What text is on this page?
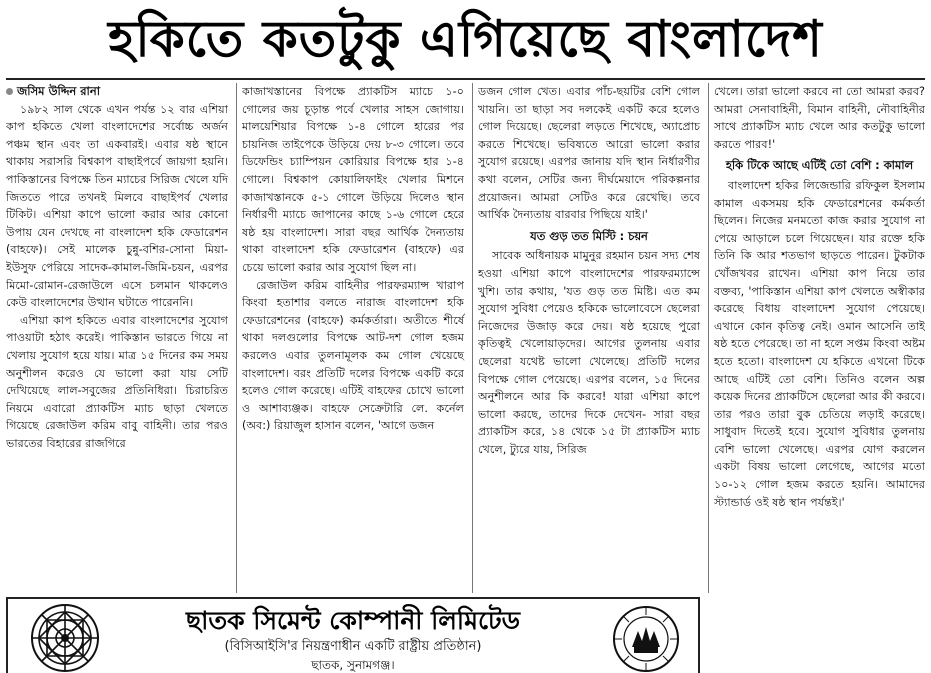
হকিতে কতটুকু এগিয়েছে বাংলাদেশ

জসিম উদ্দিন রানা

১৯৮২ সাল থেকে এখন পর্যন্ত ১২ বার এশিয়া কাপ হকিতে খেলা বাংলাদেশের সর্বোচ্চ অর্জন পঞ্চম স্থান এবং তা একবারই। এবার ষষ্ঠ স্থানে থাকায় সরাসরি বিশ্বকাপ বাছাইপর্বে জায়গা হয়নি। পাকিস্তানের বিপক্ষে তিন ম্যাচের সিরিজ খেলে যদি জিততে পারে তখনই মিলবে বাছাইপর্ব খেলার টিকিট। এশিয়া কাপে ভালো করার আর কোনো উপায় যেন দেখছে না বাংলাদেশ হকি ফেডারেশন (বাহফে)। সেই মালেক চুন্নু-বশির-সোনা মিয়া-ইউসুফ পেরিয়ে সাদেক-কামাল-জিমি-চয়ন, এরপর মিমো-রোমান-রেজাউলে এসে চলমান থাকলেও কেউ বাংলাদেশের উত্থান ঘটাতে পারেননি।

এশিয়া কাপ হকিতে এবার বাংলাদেশের সুযোগ পাওয়াটা হঠাৎ করেই। পাকিস্তান ভারতে গিয়ে না খেলায় সুযোগ হয়ে যায়। মাত্র ১৫ দিনের কম সময় অনুশীলন করেও যে ভালো করা যায় সেটি দেখিয়েছে লাল-সবুজের প্রতিনিধিরা। চিরাচরিত নিয়মে এবারো প্র্যাকটিস ম্যাচ ছাড়া খেলতে গিয়েছে রেজাউল করিম বাবু বাহিনী। তার পরও ভারতের বিহারের রাজগিরে

কাজাখস্তানের বিপক্ষে প্র্যাকটিস ম্যাচে ১-০ গোলের জয় চূড়ান্ত পর্বে খেলার সাহস জোগায়। মালয়েশিয়ার বিপক্ষে ১-৪ গোলে হারের পর চায়নিজ তাইপেকে উড়িয়ে দেয় ৮-৩ গোলে। তবে ডিফেন্ডিং চ্যাম্পিয়ন কোরিয়ার বিপক্ষে হার ১-৪ গোলে। বিশ্বকাপ কোয়ালিফাইং খেলার মিশনে কাজাখস্তানকে ৫-১ গোলে উড়িয়ে দিলেও স্থান নির্ধারণী ম্যাচে জাপানের কাছে ১-৬ গোলে হেরে ষষ্ঠ হয় বাংলাদেশ। সারা বছর আর্থিক দৈন্যতায় থাকা বাংলাদেশ হকি ফেডারেশন (বাহফে) এর চেয়ে ভালো করার আর সুযোগ ছিল না।

রেজাউল করিম বাহিনীর পারফরম্যান্স খারাপ কিংবা হতাশার বলতে নারাজ বাংলাদেশ হকি ফেডারেশনের (বাহফে) কর্মকর্তারা। অতীতে শীর্ষে থাকা দলগুলোর বিপক্ষে আট-দশ গোল হজম করলেও এবার তুলনামূলক কম গোল খেয়েছে বাংলাদেশ। বরং প্রতিটি দলের বিপক্ষে একটি করে হলেও গোল করেছে। এটিই বাহফের চোখে ভালো ও আশাব্যঞ্জক। বাহফে সেক্রেটারি লে. কর্নেল (অব:) রিয়াজুল হাসান বলেন, 'আগে ডজন

ডজন গোল খেত। এবার পাঁচ-ছয়টির বেশি গোল খায়নি। তা ছাড়া সব দলকেই একটি করে হলেও গোল দিয়েছে। ছেলেরা লড়তে শিখেছে, অ্যাপ্রোচ করতে শিখেছে। ভবিষ্যতে আরো ভালো করার সুযোগ রয়েছে। এরপর জানায় যদি স্থান নির্ধারণীর কথা বলেন, সেটির জন্য দীর্ঘমেয়াদে পরিকল্পনার প্রয়োজন। আমরা সেটিও করে রেখেছি। তবে আর্থিক দৈন্যতায় বারবার পিছিয়ে যাই।'

যত গুড় তত মিস্টি : চয়ন

সাবেক অধিনায়ক মামুনুর রহমান চয়ন সদ্য শেষ হওয়া এশিয়া কাপে বাংলাদেশের পারফরম্যান্সে খুশি। তার কথায়, 'যত গুড় তত মিষ্টি। এত কম সুযোগ সুবিধা পেয়েও হকিকে ভালোবেসে ছেলেরা নিজেদের উজাড় করে দেয়। ষষ্ঠ হয়েছে পুরো কৃতিত্বই খেলোয়াড়দের। আগের তুলনায় এবার ছেলেরা যথেষ্ট ভালো খেলেছে। প্রতিটি দলের বিপক্ষে গোল পেয়েছে। এরপর বলেন, ১৫ দিনের অনুশীলনে আর কি করবে! যারা এশিয়া কাপে ভালো করছে, তাদের দিকে দেখেন- সারা বছর প্র্যাকটিস করে, ১৪ থেকে ১৫ টা প্র্যাকটিস ম্যাচ খেলে, ট্যুরে যায়, সিরিজ

খেলে। তারা ভালো করবে না তো আমরা করব? আমরা সেনাবাহিনী, বিমান বাহিনী, নৌবাহিনীর সাথে প্র্যাকটিস ম্যাচ খেলে আর কতটুকু ভালো করতে পারব!'

হকি টিকে আছে এটিই তো বেশি : কামাল

বাংলাদেশ হকির লিজেন্ডারি রফিকুল ইসলাম কামাল একসময় হকি ফেডারেশনের কর্মকর্তা ছিলেন। নিজের মনমতো কাজ করার সুযোগ না পেয়ে আড়ালে চলে গিয়েছেন। যার রক্তে হকি তিনি কি আর শতভাগ ছাড়তে পারেন। টুকটাক খোঁজখবর রাখেন। এশিয়া কাপ নিয়ে তার বক্তব্য, 'পাকিস্তান এশিয়া কাপ খেলতে অস্বীকার করেছে বিধায় বাংলাদেশ সুযোগ পেয়েছে। এখানে কোন কৃতিত্ব নেই। ওমান আসেনি তাই ষষ্ঠ হতে পেরেছে। তা না হলে সপ্তম কিংবা অষ্টম হতে হতো। বাংলাদেশ যে হকিতে এখনো টিকে আছে এটিই তো বেশি। তিনিও বলেন অল্প কয়েক দিনের প্র্যাকটিসে ছেলেরা আর কী করবে। তার পরও তারা বুক চেতিয়ে লড়াই করেছে। সাধুবাদ দিতেই হবে। সুযোগ সুবিধার তুলনায় বেশি ভালো খেলেছে। এরপর যোগ করলেন একটা বিষয় ভালো লেগেছে, আগের মতো ১০-১২ গোল হজম করতে হয়নি। আমাদের স্ট্যান্ডার্ড ওই ষষ্ঠ স্থান পর্যন্তই।'

ছাতক সিমেন্ট কোম্পানী লিমিটেড
(বিসিআইসি'র নিয়ন্ত্রণাধীন একটি রাষ্ট্রীয় প্রতিষ্ঠান)
ছাতক, সুনামগঞ্জ।
